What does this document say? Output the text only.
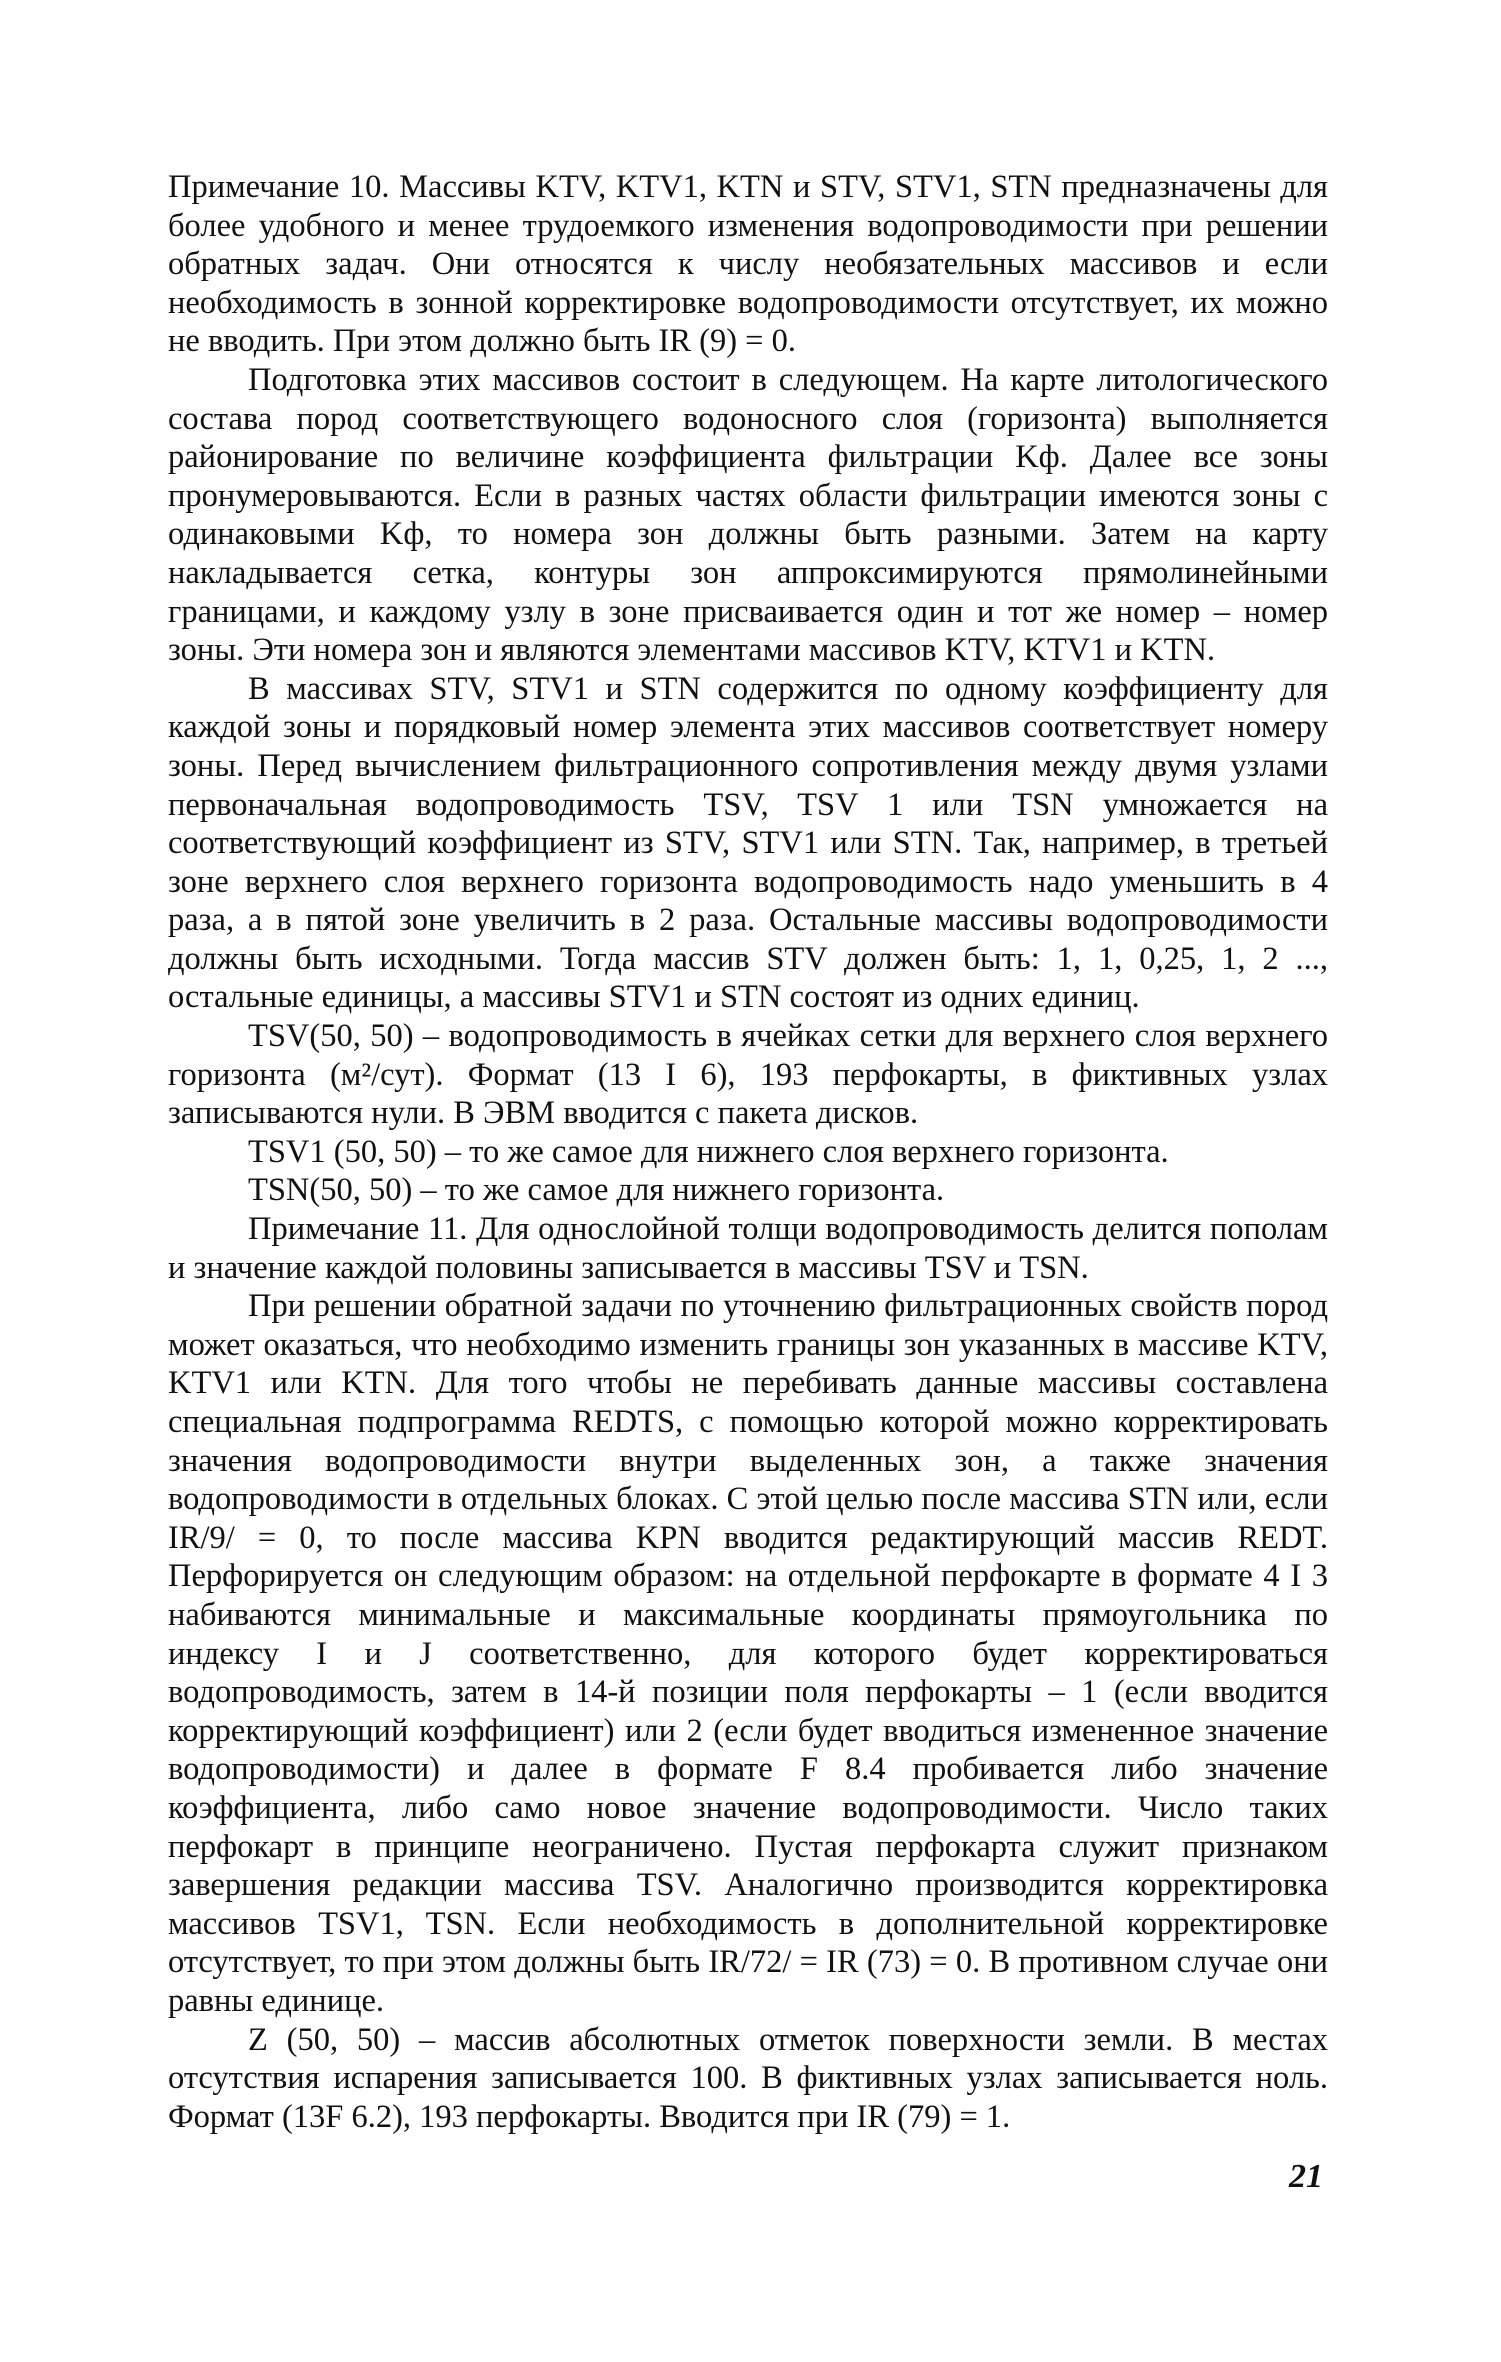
Примечание 10. Массивы KTV, KTV1, KTN и STV, STV1, STN предназначены для более удобного и менее трудоемкого изменения водопроводимости при решении обратных задач. Они относятся к числу необязательных массивов и если необходимость в зонной корректировке водопроводимости отсутствует, их можно не вводить. При этом должно быть IR (9) = 0.

Подготовка этих массивов состоит в следующем. На карте литологического состава пород соответствующего водоносного слоя (горизонта) выполняется районирование по величине коэффициента фильтрации Kф. Далее все зоны пронумеровываются. Если в разных частях области фильтрации имеются зоны с одинаковыми Kф, то номера зон должны быть разными. Затем на карту накладывается сетка, контуры зон аппроксимируются прямолинейными границами, и каждому узлу в зоне присваивается один и тот же номер – номер зоны. Эти номера зон и являются элементами массивов KTV, KTV1 и KTN.

В массивах STV, STV1 и STN содержится по одному коэффициенту для каждой зоны и порядковый номер элемента этих массивов соответствует номеру зоны. Перед вычислением фильтрационного сопротивления между двумя узлами первоначальная водопроводимость TSV, TSV 1 или TSN умножается на соответствующий коэффициент из STV, STV1 или STN. Так, например, в третьей зоне верхнего слоя верхнего горизонта водопроводимость надо уменьшить в 4 раза, а в пятой зоне увеличить в 2 раза. Остальные массивы водопроводимости должны быть исходными. Тогда массив STV должен быть: 1, 1, 0,25, 1, 2 ..., остальные единицы, а массивы STV1 и STN состоят из одних единиц.

TSV(50, 50) – водопроводимость в ячейках сетки для верхнего слоя верхнего горизонта (м²/сут). Формат (13 I 6), 193 перфокарты, в фиктивных узлах записываются нули. В ЭВМ вводится с пакета дисков.

TSV1 (50, 50) – то же самое для нижнего слоя верхнего горизонта.

TSN(50, 50) – то же самое для нижнего горизонта.

Примечание 11. Для однослойной толщи водопроводимость делится пополам и значение каждой половины записывается в массивы TSV и TSN.

При решении обратной задачи по уточнению фильтрационных свойств пород может оказаться, что необходимо изменить границы зон указанных в массиве KTV, KTV1 или KTN. Для того чтобы не перебивать данные массивы составлена специальная подпрограмма REDTS, с помощью которой можно корректировать значения водопроводимости внутри выделенных зон, а также значения водопроводимости в отдельных блоках. С этой целью после массива STN или, если IR/9/ = 0, то после массива KPN вводится редактирующий массив REDT. Перфорируется он следующим образом: на отдельной перфокарте в формате 4 I 3 набиваются минимальные и максимальные координаты прямоугольника по индексу I и J соответственно, для которого будет корректироваться водопроводимость, затем в 14-й позиции поля перфокарты – 1 (если вводится корректирующий коэффициент) или 2 (если будет вводиться измененное значение водопроводимости) и далее в формате F 8.4 пробивается либо значение коэффициента, либо само новое значение водопроводимости. Число таких перфокарт в принципе неограничено. Пустая перфокарта служит признаком завершения редакции массива TSV. Аналогично производится корректировка массивов TSV1, TSN. Если необходимость в дополнительной корректировке отсутствует, то при этом должны быть IR/72/ = IR (73) = 0. В противном случае они равны единице.

Z (50, 50) – массив абсолютных отметок поверхности земли. В местах отсутствия испарения записывается 100. В фиктивных узлах записывается ноль. Формат (13F 6.2), 193 перфокарты. Вводится при IR (79) = 1.

21
